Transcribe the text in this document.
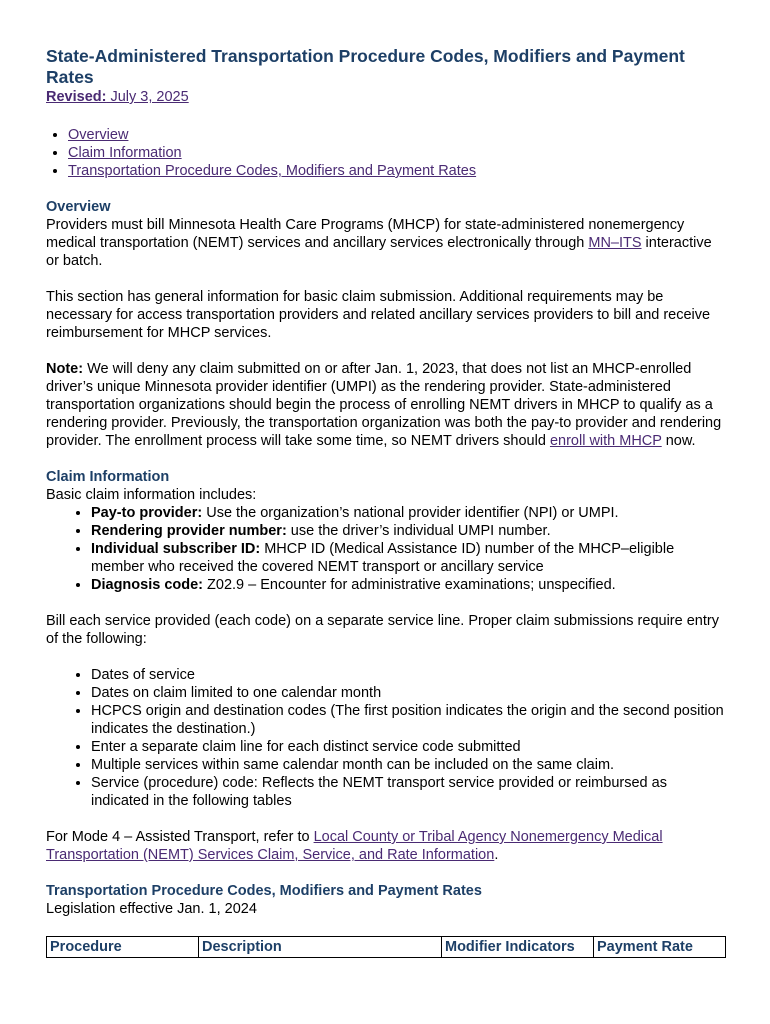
State-Administered Transportation Procedure Codes, Modifiers and Payment Rates
Revised: July 3, 2025
• Overview
• Claim Information
• Transportation Procedure Codes, Modifiers and Payment Rates
Overview

Providers must bill Minnesota Health Care Programs (MHCP) for state-administered nonemergency medical transportation (NEMT) services and ancillary services electronically through MN–ITS interactive or batch.

This section has general information for basic claim submission. Additional requirements may be necessary for access transportation providers and related ancillary services providers to bill and receive reimbursement for MHCP services.

Note: We will deny any claim submitted on or after Jan. 1, 2023, that does not list an MHCP-enrolled driver’s unique Minnesota provider identifier (UMPI) as the rendering provider. State-administered transportation organizations should begin the process of enrolling NEMT drivers in MHCP to qualify as a rendering provider. Previously, the transportation organization was both the pay-to provider and rendering provider. The enrollment process will take some time, so NEMT drivers should enroll with MHCP now.

Claim Information
Basic claim information includes:
• Pay-to provider: Use the organization’s national provider identifier (NPI) or UMPI.
• Rendering provider number: use the driver’s individual UMPI number.
• Individual subscriber ID: MHCP ID (Medical Assistance ID) number of the MHCP–eligible member who received the covered NEMT transport or ancillary service
• Diagnosis code: Z02.9 – Encounter for administrative examinations; unspecified.

Bill each service provided (each code) on a separate service line. Proper claim submissions require entry of the following:

• Dates of service
• Dates on claim limited to one calendar month
• HCPCS origin and destination codes (The first position indicates the origin and the second position indicates the destination.)
• Enter a separate claim line for each distinct service code submitted
• Multiple services within same calendar month can be included on the same claim.
• Service (procedure) code: Reflects the NEMT transport service provided or reimbursed as indicated in the following tables

For Mode 4 – Assisted Transport, refer to Local County or Tribal Agency Nonemergency Medical Transportation (NEMT) Services Claim, Service, and Rate Information.

Transportation Procedure Codes, Modifiers and Payment Rates
Legislation effective Jan. 1, 2024
Procedure	Description	Modifier Indicators	Payment Rate
